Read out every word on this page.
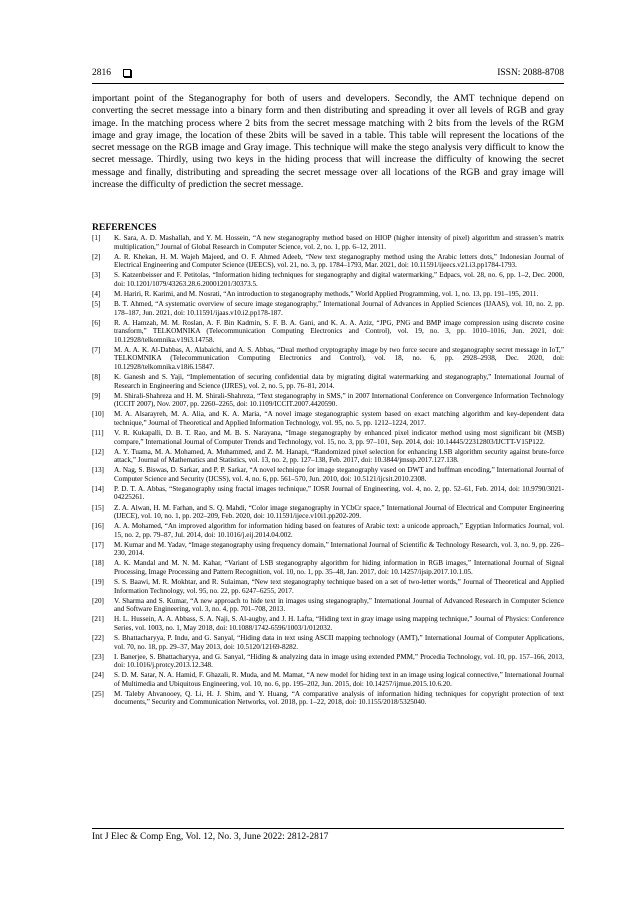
2816	ISSN: 2088-8708

important point of the Steganography for both of users and developers. Secondly, the AMT technique depend on converting the secret message into a binary form and then distributing and spreading it over all levels of RGB and gray image. In the matching process where 2 bits from the secret message matching with 2 bits from the levels of the RGM image and gray image, the location of these 2bits will be saved in a table. This table will represent the locations of the secret message on the RGB image and Gray image. This technique will make the stego analysis very difficult to know the secret message. Thirdly, using two keys in the hiding process that will increase the difficulty of knowing the secret message and finally, distributing and spreading the secret message over all locations of the RGB and gray image will increase the difficulty of prediction the secret message.

REFERENCES
[1]	K. Sara, A. D. Mashallah, and Y. M. Hossein, “A new steganography method based on HIOP (higher intensity of pixel) algorithm and strassen’s matrix multiplication,” Journal of Global Research in Computer Science, vol. 2, no. 1, pp. 6–12, 2011.
[2]	A. R. Khekan, H. M. Wajeh Majeed, and O. F. Ahmed Adeeb, “New text steganography method using the Arabic letters dots,” Indonesian Journal of Electrical Engineering and Computer Science (IJEECS), vol. 21, no. 3, pp. 1784–1793, Mar. 2021, doi: 10.11591/ijeecs.v21.i3.pp1784-1793.
[3]	S. Katzenbeisser and F. Petitolas, “Information hiding techniques for steganography and digital watermarking,” Edpacs, vol. 28, no. 6, pp. 1–2, Dec. 2000, doi: 10.1201/1079/43263.28.6.20001201/30373.5.
[4]	M. Hariri, R. Karimi, and M. Nosrati, “An introduction to steganography methods,” World Applied Programming, vol. 1, no. 13, pp. 191–195, 2011.
[5]	B. T. Ahmed, “A systematic overview of secure image steganography,” International Journal of Advances in Applied Sciences (IJAAS), vol. 10, no. 2, pp. 178–187, Jun. 2021, doi: 10.11591/ijaas.v10.i2.pp178-187.
[6]	R. A. Hamzah, M. M. Roslan, A. F. Bin Kadmin, S. F. B. A. Gani, and K. A. A. Aziz, “JPG, PNG and BMP image compression using discrete cosine transform,” TELKOMNIKA (Telecommunication Computing Electronics and Control), vol. 19, no. 3, pp. 1010–1016, Jun. 2021, doi: 10.12928/telkomnika.v19i3.14758.
[7]	M. A. A. K. Al-Dabbas, A. Alabaichi, and A. S. Abbas, “Dual method cryptography image by two force secure and steganography secret message in IoT,” TELKOMNIKA (Telecommunication Computing Electronics and Control), vol. 18, no. 6, pp. 2928–2938, Dec. 2020, doi: 10.12928/telkomnika.v18i6.15847.
[8]	K. Ganesh and S. Yaji, “Implementation of securing confidential data by migrating digital watermarking and steganography,” International Journal of Research in Engineering and Science (IJRES), vol. 2, no. 5, pp. 76–81, 2014.
[9]	M. Shirali-Shahreza and H. M. Shirali-Shahreza, “Text steganography in SMS,” in 2007 International Conference on Convergence Information Technology (ICCIT 2007), Nov. 2007, pp. 2260–2265, doi: 10.1109/ICCIT.2007.4420590.
[10]	M. A. Alsarayreh, M. A. Alia, and K. A. Maria, “A novel image steganographic system based on exact matching algorithm and key-dependent data technique,” Journal of Theoretical and Applied Information Technology, vol. 95, no. 5, pp. 1212–1224, 2017.
[11]	V. R. Kukapalli, D. B. T. Rao, and M. B. S. Narayana, “Image steganography by enhanced pixel indicator method using most significant bit (MSB) compare,” International Journal of Computer Trends and Technology, vol. 15, no. 3, pp. 97–101, Sep. 2014, doi: 10.14445/22312803/IJCTT-V15P122.
[12]	A. Y. Tuama, M. A. Mohamed, A. Muhammed, and Z. M. Hanapi, “Randomized pixel selection for enhancing LSB algorithm security against brute-force attack,” Journal of Mathematics and Statistics, vol. 13, no. 2, pp. 127–138, Feb. 2017, doi: 10.3844/jmssp.2017.127.138.
[13]	A. Nag, S. Biswas, D. Sarkar, and P. P. Sarkar, “A novel technique for image steganography vased on DWT and huffman encoding,” International Journal of Computer Science and Security (IJCSS), vol. 4, no. 6, pp. 561–570, Jun. 2010, doi: 10.5121/ijcsit.2010.2308.
[14]	P. D. T. A. Abbas, “Steganography using fractal images technique,” IOSR Journal of Engineering, vol. 4, no. 2, pp. 52–61, Feb. 2014, doi: 10.9790/3021-04225261.
[15]	Z. A. Alwan, H. M. Farhan, and S. Q. Mahdi, “Color image steganography in YCbCr space,” International Journal of Electrical and Computer Engineering (IJECE), vol. 10, no. 1, pp. 202–209, Feb. 2020, doi: 10.11591/ijece.v10i1.pp202-209.
[16]	A. A. Mohamed, “An improved algorithm for information hiding based on features of Arabic text: a unicode approach,” Egyptian Informatics Journal, vol. 15, no. 2, pp. 79–87, Jul. 2014, doi: 10.1016/j.eij.2014.04.002.
[17]	M. Kumar and M. Yadav, “Image steganography using frequency domain,” International Journal of Scientific & Technology Research, vol. 3, no. 9, pp. 226–230, 2014.
[18]	A. K. Mandal and M. N. M. Kahar, “Variant of LSB steganography algorithm for hiding information in RGB images,” International Journal of Signal Processing, Image Processing and Pattern Recognition, vol. 10, no. 1, pp. 35–48, Jan. 2017, doi: 10.14257/ijsip.2017.10.1.05.
[19]	S. S. Baawi, M. R. Mokhtar, and R. Sulaiman, “New text steganography technique based on a set of two-letter words,” Journal of Theoretical and Applied Information Technology, vol. 95, no. 22, pp. 6247–6255, 2017.
[20]	V. Sharma and S. Kumar, “A new approach to hide text in images using steganography,” International Journal of Advanced Research in Computer Science and Software Engineering, vol. 3, no. 4, pp. 701–708, 2013.
[21]	H. L. Hussein, A. A. Abbass, S. A. Naji, S. Al-augby, and J. H. Lafta, “Hiding text in gray image using mapping technique,” Journal of Physics: Conference Series, vol. 1003, no. 1, May 2018, doi: 10.1088/1742-6596/1003/1/012032.
[22]	S. Bhattacharyya, P. Indu, and G. Sanyal, “Hiding data in text using ASCII mapping technology (AMT),” International Journal of Computer Applications, vol. 70, no. 18, pp. 29–37, May 2013, doi: 10.5120/12169-8282.
[23]	I. Banerjee, S. Bhattacharyya, and G. Sanyal, “Hiding & analyzing data in image using extended PMM,” Procedia Technology, vol. 10, pp. 157–166, 2013, doi: 10.1016/j.protcy.2013.12.348.
[24]	S. D. M. Satar, N. A. Hamid, F. Ghazali, R. Muda, and M. Mamat, “A new model for hiding text in an image using logical connective,” International Journal of Multimedia and Ubiquitous Engineering, vol. 10, no. 6, pp. 195–202, Jun. 2015, doi: 10.14257/ijmue.2015.10.6.20.
[25]	M. Taleby Ahvanooey, Q. Li, H. J. Shim, and Y. Huang, “A comparative analysis of information hiding techniques for copyright protection of text documents,” Security and Communication Networks, vol. 2018, pp. 1–22, 2018, doi: 10.1155/2018/5325040.
Int J Elec & Comp Eng, Vol. 12, No. 3, June 2022: 2812-2817
